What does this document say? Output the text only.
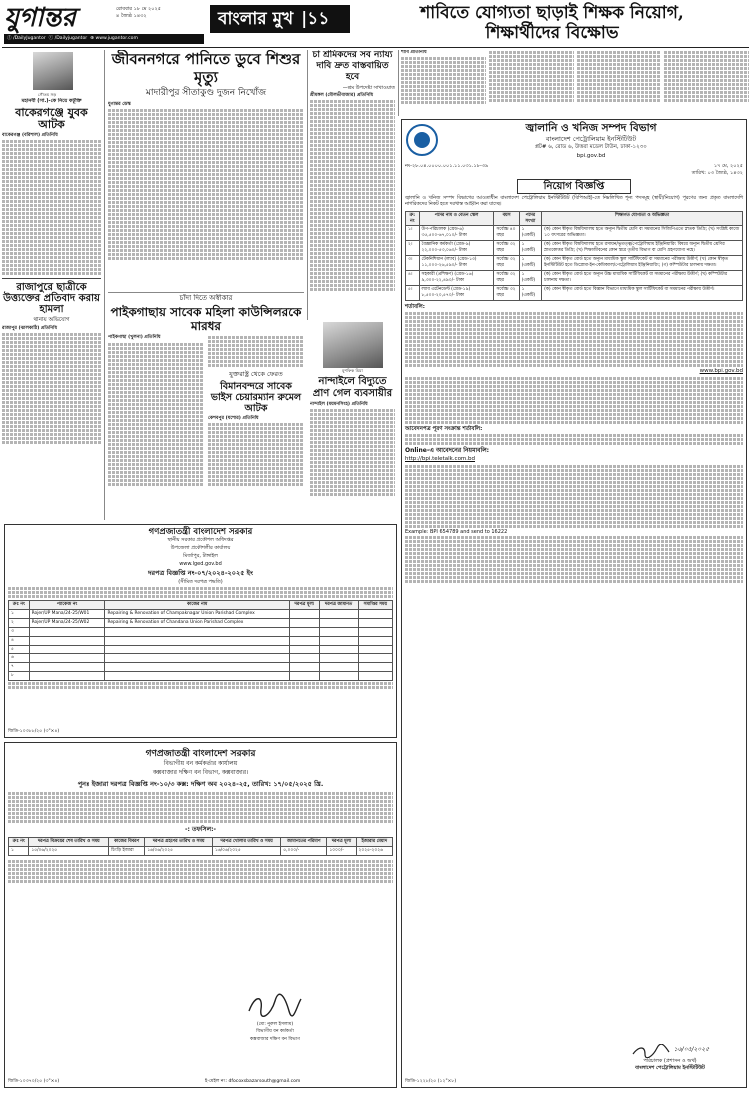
যুগান্তর	রোববার ১৮ মে ২০২৫
৪ জ্যৈষ্ঠ ১৪৩২	বাংলার মুখ |১১
ⓕ /DailyJugantor ⓣ /Dailyjugantor ⊕ www.jugantor.com
শাবিতে যোগ্যতা ছাড়াই শিক্ষক নিয়োগ, শিক্ষার্থীদের বিক্ষোভ
গৌতম সড়
মহানবী (সা.)-কে নিয়ে কটূক্তি
বাকেরগঞ্জে যুবক আটক
বাকেরগঞ্জ (বরিশাল) প্রতিনিধি
রাজাপুরে ছাত্রীকে উত্ত্যক্তের প্রতিবাদ করায় হামলা
থানায় অভিযোগ
রাজাপুর (ঝালকাঠি) প্রতিনিধি
জীবননগরে পানিতে ডুবে শিশুর মৃত্যু
মাদারীপুর সীতাকুণ্ড দুজন নিখোঁজ
যুগান্তর ডেস্ক
চা শ্রমিকদের সব ন্যায্য দাবি দ্রুত বাস্তবায়িত হবে
—শ্রম উপদেষ্টা সাখাওয়াত
শ্রীমঙ্গল (মৌলভীবাজার) প্রতিনিধি
চাঁদা দিতে অস্বীকার
পাইকগাছায় সাবেক মহিলা কাউন্সিলরকে মারধর
পাইকগাছা (খুলনা) প্রতিনিধি
যুক্তরাষ্ট্র থেকে ফেরত
বিমানবন্দরে সাবেক ভাইস চেয়ারম্যান রুমেল আটক
কেশবপুর (যশোর) প্রতিনিধি
মুশফিক মিয়া
নান্দাইলে বিদ্যুতে প্রাণ গেল ব্যবসায়ীর
নান্দাইল (ময়মনসিংহ) প্রতিনিধি
শাবি প্রতিনিধি
গণপ্রজাতন্ত্রী বাংলাদেশ সরকার
স্থানীয় সরকার প্রকৌশল অধিদপ্তর
উপজেলা প্রকৌশলীর কার্যালয়
মির্জাপুর, টাঙ্গাইল
www.lged.gov.bd
দরপত্র বিজ্ঞপ্তি নং-০৭/২০২৪-২০২৫ ইং
(সীমিত দরপত্র পদ্ধতি)
ক্রঃ নং	প্যাকেজ নং	কাজের নাম	দরপত্র মূল্য	দরপত্র জামানত	সমাপ্তির সময়
১	Rojer/UP Mana/24-25/W01	Repairing & Renovation of Champaknagar Union Parishad Complex			
২	Rojer/UP Mana/24-25/W02	Repairing & Renovation of Chandana Union Parishad Complex			
৩					
৪					
৫					
৬					
৭					
৮					
জিডি-১০৩৮৮/২৫ (৩"×৪)
গণপ্রজাতন্ত্রী বাংলাদেশ সরকার
বিভাগীয় বন কর্মকর্তার কার্যালয়
কক্সবাজার দক্ষিণ বন বিভাগ, কক্সবাজার।
পুনঃ ইজারা দরপত্র বিজ্ঞপ্তি নং-১০/৩ কক্স: দক্ষিণ অব ২০২৪-২৫, তারিখ: ১৭/০৫/২০২৫ খ্রি.
-: তফসিল:-
ক্রঃ নং	দরপত্র বিক্রয়ের শেষ তারিখ ও সময়	কাজের বিবরণ	দরপত্র গ্রহণের তারিখ ও সময়	দরপত্র খোলার তারিখ ও সময়	জামানতের পরিমাণ	দরপত্র মূল্য	ইজারার মেয়াদ
১	১৫/০৬/২০২৫	চিংড়ি ইজারা	১৬/০৬/২০২৫	১৬/০৬/২০২৫	৫,০০০/-	১০০০/-	২০২৫-২০২৬
(মো: নুরুল ইসলাম)
বিভাগীয় বন কর্মকর্তা
কক্সবাজার দক্ষিণ বন বিভাগ
জিডি-১০৩৭০/২৫ (৩"×৪)	ই-মেইল নং: dfocoxsbazarsouth@gmail.com
জ্বালানি ও খনিজ সম্পদ বিভাগ
বাংলাদেশ পেট্রোলিয়াম ইনস্টিটিউট
প্লট# ৬, রোড ৬, উত্তরা মডেল টাউন, ঢাকা-১২৩০
bpi.gov.bd
নং-২৮.০৪.০০০০.০০১.১১.০৩১.১৮-৩৯	১৭ মে, ২০২৫
তারিখ: ০৩ জ্যৈষ্ঠ, ১৪৩২
নিয়োগ বিজ্ঞপ্তি
জ্বালানি ও খনিজ সম্পদ বিভাগের আওতাধীন বাংলাদেশ পেট্রোলিয়াম ইনস্টিটিউট (বিপিআই)-তে নিম্নলিখিত শূন্য পদসমূহ (স্থায়ী/নিয়োগ) পূরণের জন্য প্রকৃত বাংলাদেশি নাগরিকদের নিকট হতে দরখাস্ত আহ্বান করা যাচ্ছে।
ক্র: নং	পদের নাম ও বেতন স্কেল	বয়স	পদের সংখ্যা	শিক্ষাগত যোগ্যতা ও অভিজ্ঞতা
১।	উপ-পরিচালক (গ্রেড-৬) ৩৫,৫০০-৬৭,০১০/- টাকা	সর্বোচ্চ ৪০ বছর	১ (একটি)	(ক) কোন স্বীকৃত বিশ্ববিদ্যালয় হতে অন্যূন দ্বিতীয় শ্রেণি বা সমমানের সিজিপিএতে স্নাতক ডিগ্রি; (খ) সংশ্লিষ্ট কাজে ১০ বৎসরের অভিজ্ঞতা।
২।	বৈজ্ঞানিক কর্মকর্তা (গ্রেড-৯) ২২,০০০-৫৩,০৬০/- টাকা	সর্বোচ্চ ৩২ বছর	১ (একটি)	(ক) কোন স্বীকৃত বিশ্ববিদ্যালয় হতে রসায়ন/ভূতত্ত্ব/পেট্রোলিয়াম ইঞ্জিনিয়ারিং বিষয়ে অন্যূন দ্বিতীয় শ্রেণির স্নাতকোত্তর ডিগ্রি; (খ) শিক্ষাজীবনের কোন স্তরে তৃতীয় বিভাগ বা শ্রেণি গ্রহণযোগ্য নহে।
৩।	টেকনিশিয়ান (ল্যাব) (গ্রেড-১৩) ১১,০০০-২৬,৫৯০/- টাকা	সর্বোচ্চ ৩২ বছর	১ (একটি)	(ক) কোন স্বীকৃত বোর্ড হতে অন্যূন মাধ্যমিক স্কুল সার্টিফিকেট বা সমমানের পরীক্ষায় উত্তীর্ণ; (খ) কোন স্বীকৃত ইনস্টিটিউট হতে ডিপ্লোমা-ইন-কেমিক্যাল/পেট্রোলিয়াম ইঞ্জিনিয়ারিং; (গ) কম্পিউটার চালনায় দক্ষতা।
৪।	সহকারী (প্রশিক্ষণ) (গ্রেড-১৬) ৯,৩০০-২২,৪৯০/- টাকা	সর্বোচ্চ ৩২ বছর	১ (একটি)	(ক) কোন স্বীকৃত বোর্ড হতে অন্যূন উচ্চ মাধ্যমিক সার্টিফিকেট বা সমমানের পরীক্ষায় উত্তীর্ণ; (খ) কম্পিউটার চালনায় দক্ষতা।
৫।	ল্যাব এটেনডেন্ট (গ্রেড-১৯) ৮,৫০০-২০,৫৭০/- টাকা	সর্বোচ্চ ৩২ বছর	১ (একটি)	(ক) কোন স্বীকৃত বোর্ড হতে বিজ্ঞান বিভাগে মাধ্যমিক স্কুল সার্টিফিকেট বা সমমানের পরীক্ষায় উত্তীর্ণ।
শর্তাবলি:
www.bpi.gov.bd
আবেদনপত্র পূরণ সংক্রান্ত শর্তাবলি:
Online-এ আবেদনের নিয়মাবলি:
http://bpi.teletalk.com.bd
Example: BPI 654789 and send to 16222
১৬/০৫/২০২৫
পরিচালক (প্রশাসন ও অর্থ)
বাংলাদেশ পেট্রোলিয়াম ইনস্টিটিউট
জিডি-১২২৮/২৫ (১২"×৮)
